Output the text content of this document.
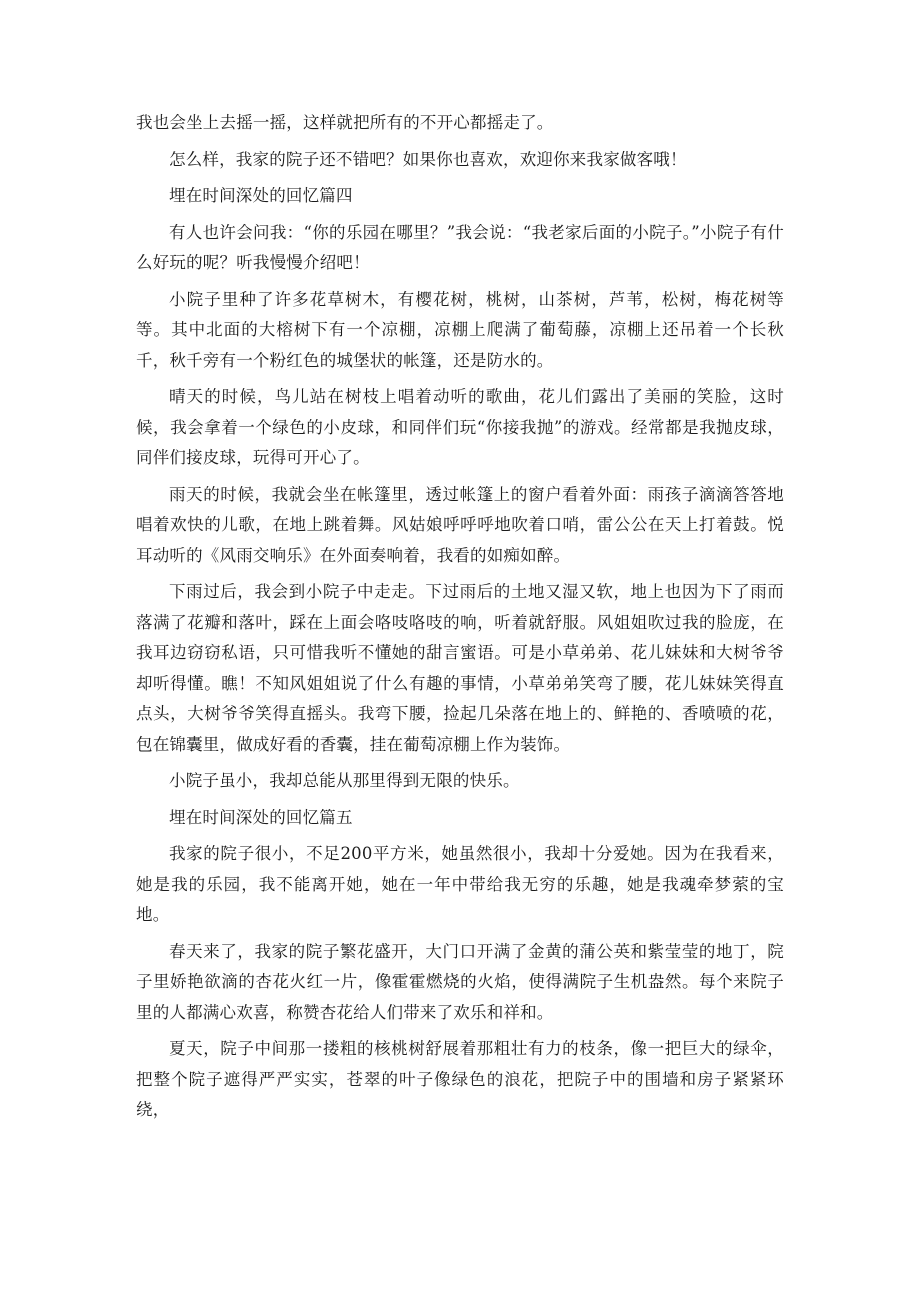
我也会坐上去摇一摇，这样就把所有的不开心都摇走了。

怎么样，我家的院子还不错吧？如果你也喜欢，欢迎你来我家做客哦！

埋在时间深处的回忆篇四

有人也许会问我：“你的乐园在哪里？”我会说：“我老家后面的小院子。”小院子有什么好玩的呢？听我慢慢介绍吧！

小院子里种了许多花草树木，有樱花树，桃树，山茶树，芦苇，松树，梅花树等等。其中北面的大榕树下有一个凉棚，凉棚上爬满了葡萄藤，凉棚上还吊着一个长秋千，秋千旁有一个粉红色的城堡状的帐篷，还是防水的。

晴天的时候，鸟儿站在树枝上唱着动听的歌曲，花儿们露出了美丽的笑脸，这时候，我会拿着一个绿色的小皮球，和同伴们玩“你接我抛”的游戏。经常都是我抛皮球，同伴们接皮球，玩得可开心了。

雨天的时候，我就会坐在帐篷里，透过帐篷上的窗户看着外面：雨孩子滴滴答答地唱着欢快的儿歌，在地上跳着舞。风姑娘呼呼呼地吹着口哨，雷公公在天上打着鼓。悦耳动听的《风雨交响乐》在外面奏响着，我看的如痴如醉。

下雨过后，我会到小院子中走走。下过雨后的土地又湿又软，地上也因为下了雨而落满了花瓣和落叶，踩在上面会咯吱咯吱的响，听着就舒服。风姐姐吹过我的脸庞，在我耳边窃窃私语，只可惜我听不懂她的甜言蜜语。可是小草弟弟、花儿妹妹和大树爷爷却听得懂。瞧！不知风姐姐说了什么有趣的事情，小草弟弟笑弯了腰，花儿妹妹笑得直点头，大树爷爷笑得直摇头。我弯下腰，捡起几朵落在地上的、鲜艳的、香喷喷的花，包在锦囊里，做成好看的香囊，挂在葡萄凉棚上作为装饰。

小院子虽小，我却总能从那里得到无限的快乐。

埋在时间深处的回忆篇五

我家的院子很小，不足200平方米，她虽然很小，我却十分爱她。因为在我看来，她是我的乐园，我不能离开她，她在一年中带给我无穷的乐趣，她是我魂牵梦萦的宝地。

春天来了，我家的院子繁花盛开，大门口开满了金黄的蒲公英和紫莹莹的地丁，院子里娇艳欲滴的杏花火红一片，像霍霍燃烧的火焰，使得满院子生机盎然。每个来院子里的人都满心欢喜，称赞杏花给人们带来了欢乐和祥和。

夏天，院子中间那一搂粗的核桃树舒展着那粗壮有力的枝条，像一把巨大的绿伞，把整个院子遮得严严实实，苍翠的叶子像绿色的浪花，把院子中的围墙和房子紧紧环绕，
